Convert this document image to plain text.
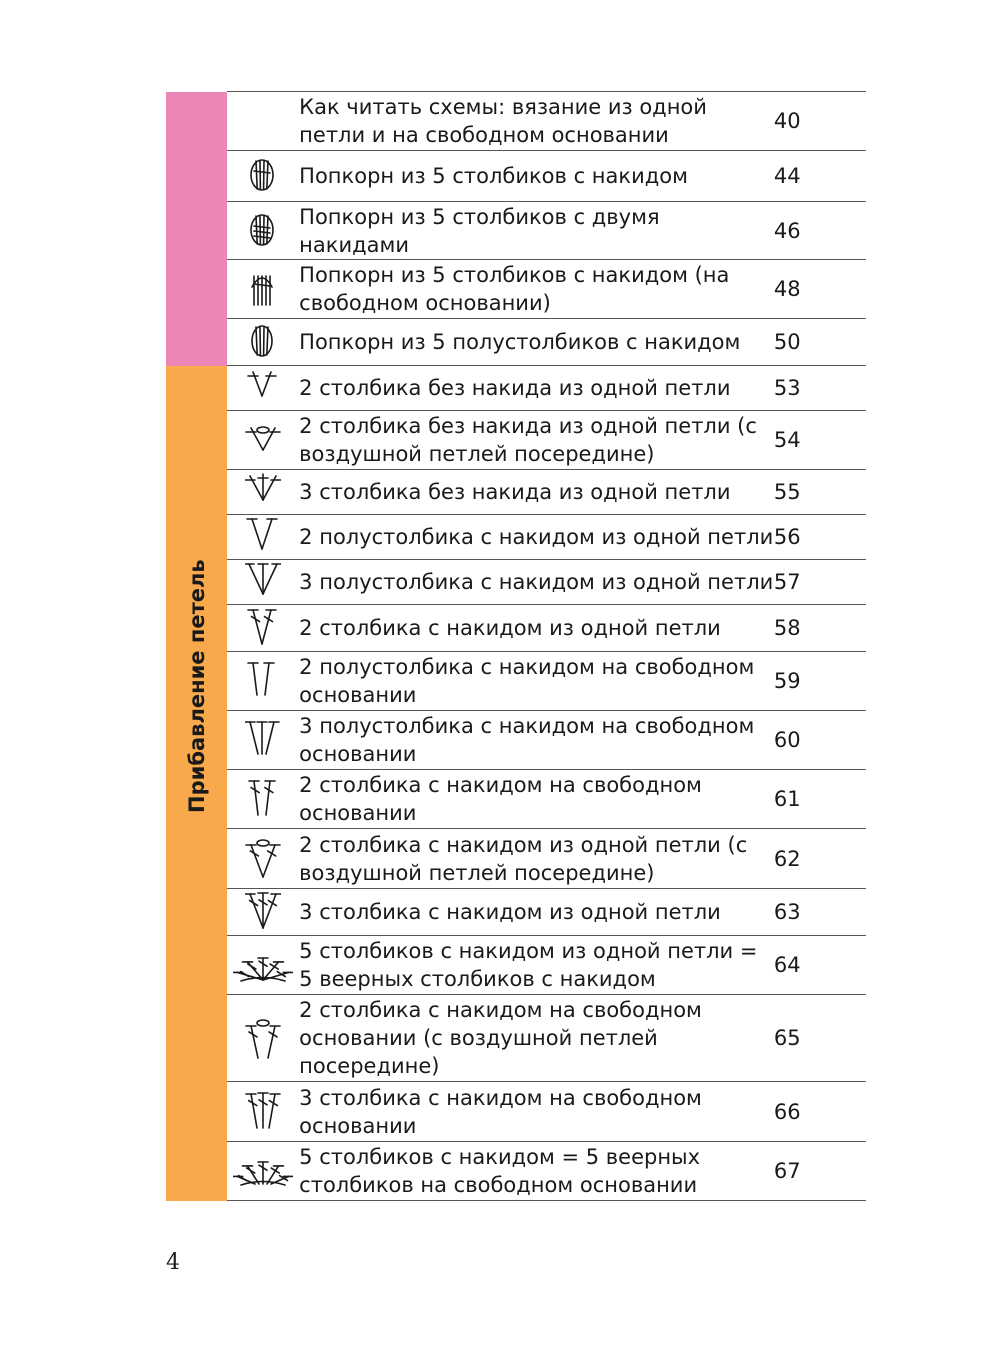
		Как читать схемы: вязание из одной петли и на свободном основании	40

	Попкорн из 5 столбиков с накидом	44

	Попкорн из 5 столбиков с двумя накидами	46

	Попкорн из 5 столбиков с накидом (на свободном основании)	48

	Попкорн из 5 полустолбиков с накидом	50

Прибавление петель		2 столбика без накида из одной петли	53

	2 столбика без накида из одной петли (с воздушной петлей посередине)	54

	3 столбика без накида из одной петли	55

	2 полустолбика с накидом из одной петли	56

	3 полустолбика с накидом из одной петли	57

	2 столбика с накидом из одной петли	58

	2 полустолбика с накидом на свободном основании	59

	3 полустолбика с накидом на свободном основании	60

	2 столбика с накидом на свободном основании	61

	2 столбика с накидом из одной петли (с воздушной петлей посередине)	62

	3 столбика с накидом из одной петли	63

	5 столбиков с накидом из одной петли = 5 веерных столбиков с накидом	64

	2 столбика с накидом на свободном основании (с воздушной петлей посередине)	65

	3 столбика с накидом на свободном основании	66

	5 столбиков с накидом = 5 веерных столбиков на свободном основании	67
4
